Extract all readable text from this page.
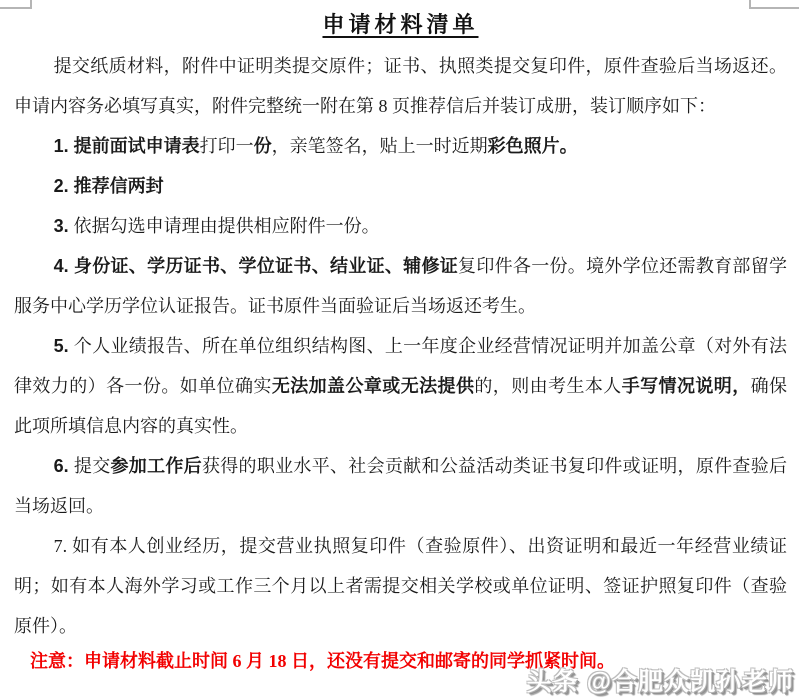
申请材料清单

提交纸质材料，附件中证明类提交原件；证书、执照类提交复印件，原件查验后当场返还。申请内容务必填写真实，附件完整统一附在第 8 页推荐信后并装订成册，装订顺序如下：

1. 提前面试申请表打印一份，亲笔签名，贴上一时近期彩色照片。

2. 推荐信两封

3. 依据勾选申请理由提供相应附件一份。

4. 身份证、学历证书、学位证书、结业证、辅修证复印件各一份。境外学位还需教育部留学服务中心学历学位认证报告。证书原件当面验证后当场返还考生。

5. 个人业绩报告、所在单位组织结构图、上一年度企业经营情况证明并加盖公章（对外有法律效力的）各一份。如单位确实无法加盖公章或无法提供的，则由考生本人手写情况说明，确保此项所填信息内容的真实性。

6. 提交参加工作后获得的职业水平、社会贡献和公益活动类证书复印件或证明，原件查验后当场返回。

7. 如有本人创业经历，提交营业执照复印件（查验原件）、出资证明和最近一年经营业绩证明；如有本人海外学习或工作三个月以上者需提交相关学校或单位证明、签证护照复印件（查验原件）。

注意：申请材料截止时间 6 月 18 日，还没有提交和邮寄的同学抓紧时间。

头条 @合肥众凯孙老师
